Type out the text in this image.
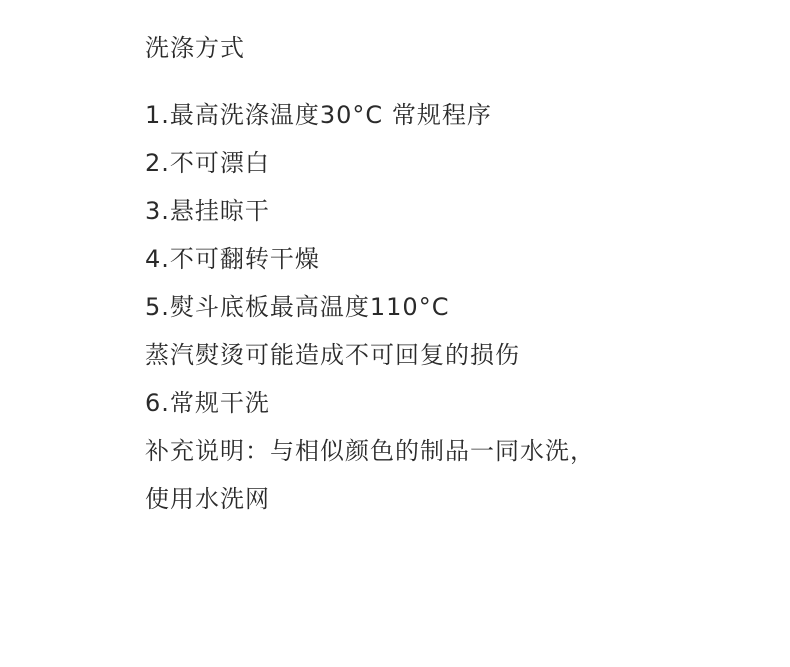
洗涤方式

1.最高洗涤温度30°C 常规程序

2.不可漂白

3.悬挂晾干

4.不可翻转干燥

5.熨斗底板最高温度110°C

蒸汽熨烫可能造成不可回复的损伤

6.常规干洗

补充说明：与相似颜色的制品一同水洗，

使用水洗网
